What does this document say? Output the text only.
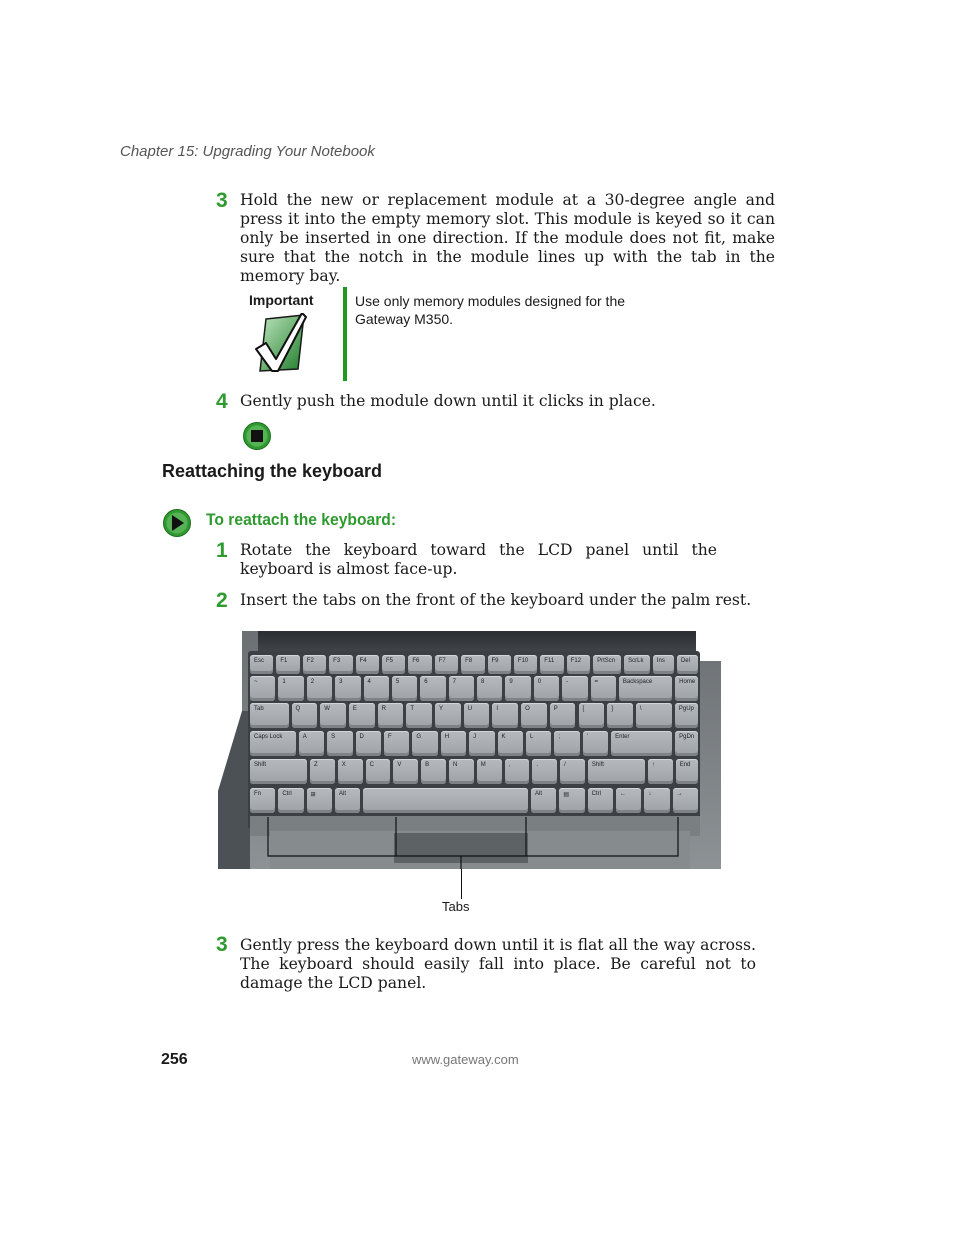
Chapter 15: Upgrading Your Notebook
3 Hold the new or replacement module at a 30-degree angle and press it into the empty memory slot. This module is keyed so it can only be inserted in one direction. If the module does not fit, make sure that the notch in the module lines up with the tab in the memory bay.
Important	Use only memory modules designed for the Gateway M350.
4 Gently push the module down until it clicks in place.
Reattaching the keyboard
To reattach the keyboard:
1 Rotate the keyboard toward the LCD panel until the keyboard is almost face-up.
2 Insert the tabs on the front of the keyboard under the palm rest.
Esc	F1	F2	F3	F4	F5	F6	F7	F8	F9	F10	F11	F12	PrtScn ScrLk Ins	Del
~	1	2	3	4	5	6	7	8	9	0	-	=	Backspace	Home
Tab	Q	W	E	R	T	Y	U	I	O	P	[	]	\	PgUp
Caps Lock	A	S	D	F	G	H	J	K	L	;	'	Enter	PgDn
Shift	Z	X	C	V	B	N	M	,	.	/	Shift	↑	End
Fn	Ctrl	⊞	Alt	Alt	▤	Ctrl	←	↓	→
Tabs
3 Gently press the keyboard down until it is flat all the way across. The keyboard should easily fall into place. Be careful not to damage the LCD panel.
256	www.gateway.com
